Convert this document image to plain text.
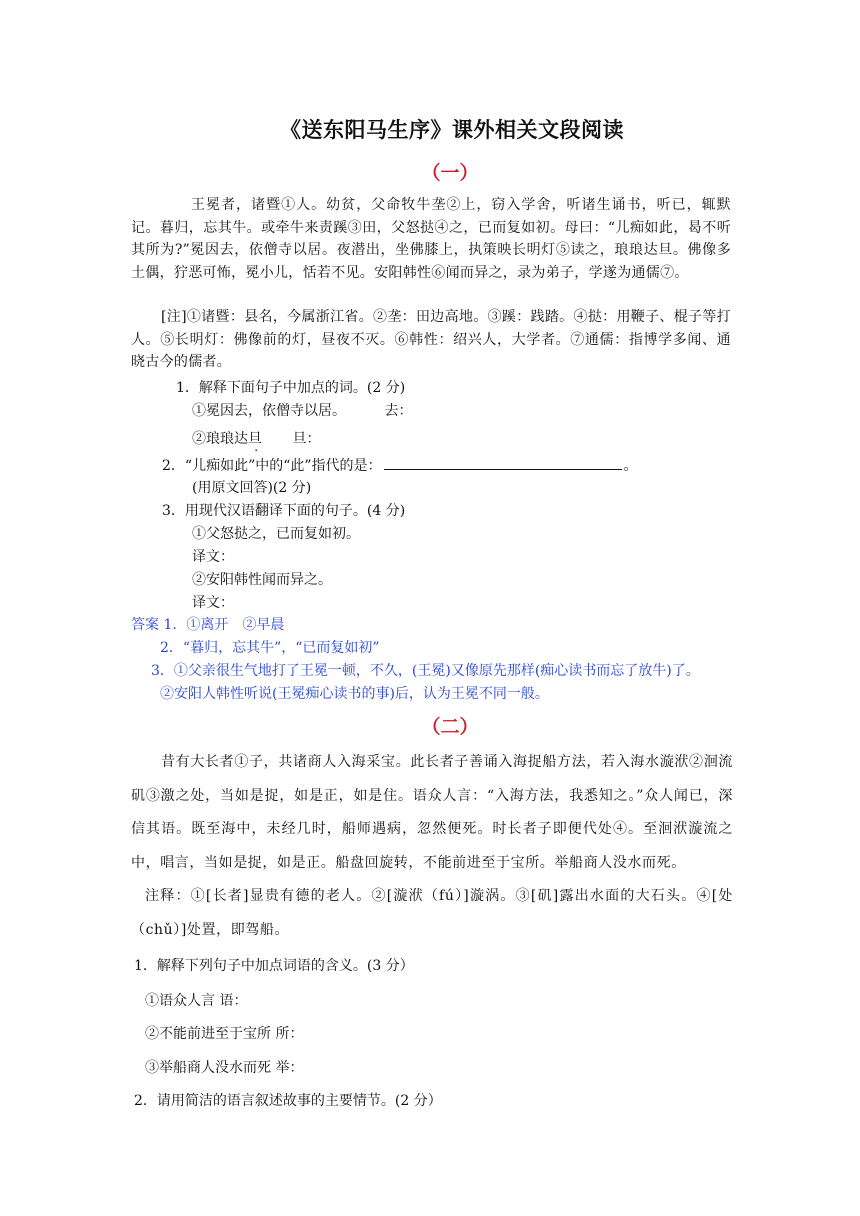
《送东阳马生序》课外相关文段阅读
（一）
王冕者，诸暨①人。幼贫，父命牧牛垄②上，窃入学舍，听诸生诵书，听已，辄默记。暮归，忘其牛。或牵牛来责蹊③田，父怒挞④之，已而复如初。母曰：“儿痴如此，曷不听其所为?”冕因去，依僧寺以居。夜潜出，坐佛膝上，执策映长明灯⑤读之，琅琅达旦。佛像多土偶，狞恶可怖，冕小儿，恬若不见。安阳韩性⑥闻而异之，录为弟子，学遂为通儒⑦。
[注]①诸暨：县名，今属浙江省。②垄：田边高地。③蹊：践踏。④挞：用鞭子、棍子等打人。⑤长明灯：佛像前的灯，昼夜不灭。⑥韩性：绍兴人，大学者。⑦通儒：指博学多闻、通晓古今的儒者。
1．解释下面句子中加点的词。(2 分)
①冕因去，依僧寺以居。	去：
②琅琅达旦 旦：
2．“儿痴如此”中的“此”指代的是：	。
(用原文回答)(2 分)
3．用现代汉语翻译下面的句子。(4 分)
①父怒挞之，已而复如初。
译文：
②安阳韩性闻而异之。
译文：
答案 1．①离开　②早晨
2．“暮归，忘其牛”，“已而复如初”
3．①父亲很生气地打了王冕一顿，不久，(王冕)又像原先那样(痴心读书而忘了放牛)了。
②安阳人韩性听说(王冕痴心读书的事)后，认为王冕不同一般。
（二）
昔有大长者①子，共诸商人入海采宝。此长者子善诵入海捉船方法，若入海水漩洑②洄流矶③激之处，当如是捉，如是正，如是住。语众人言：“入海方法，我悉知之。”众人闻已，深信其语。既至海中，未经几时，船师遇病，忽然便死。时长者子即便代处④。至洄洑漩流之中，唱言，当如是捉，如是正。船盘回旋转，不能前进至于宝所。举船商人没水而死。
注释：①[长者]显贵有德的老人。②[漩洑（fú）]漩涡。③[矶]露出水面的大石头。④[处（chǔ）]处置，即驾船。
1．解释下列句子中加点词语的含义。(3 分）
①语众人言 语：
②不能前进至于宝所 所：
③举船商人没水而死 举：
2．请用简洁的语言叙述故事的主要情节。(2 分）
